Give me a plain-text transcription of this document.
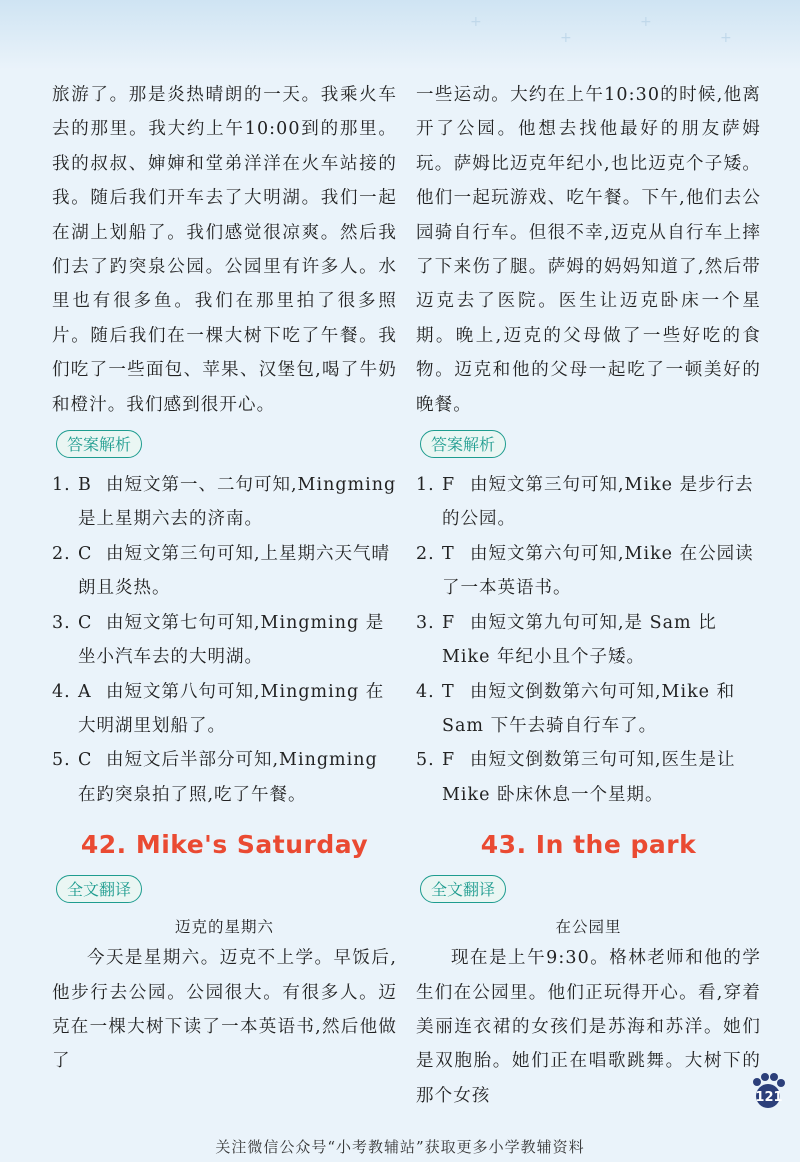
+
+
+
+

旅游了。那是炎热晴朗的一天。我乘火车去的那里。我大约上午10:00到的那里。我的叔叔、婶婶和堂弟洋洋在火车站接的我。随后我们开车去了大明湖。我们一起在湖上划船了。我们感觉很凉爽。然后我们去了趵突泉公园。公园里有许多人。水里也有很多鱼。我们在那里拍了很多照片。随后我们在一棵大树下吃了午餐。我们吃了一些面包、苹果、汉堡包,喝了牛奶和橙汁。我们感到很开心。

答案解析
1. B 由短文第一、二句可知,Mingming 是上星期六去的济南。
2. C 由短文第三句可知,上星期六天气晴朗且炎热。
3. C 由短文第七句可知,Mingming 是坐小汽车去的大明湖。
4. A 由短文第八句可知,Mingming 在大明湖里划船了。
5. C 由短文后半部分可知,Mingming 在趵突泉拍了照,吃了午餐。
42. Mike's Saturday
全文翻译
迈克的星期六

今天是星期六。迈克不上学。早饭后,他步行去公园。公园很大。有很多人。迈克在一棵大树下读了一本英语书,然后他做了

一些运动。大约在上午10:30的时候,他离开了公园。他想去找他最好的朋友萨姆玩。萨姆比迈克年纪小,也比迈克个子矮。他们一起玩游戏、吃午餐。下午,他们去公园骑自行车。但很不幸,迈克从自行车上摔了下来伤了腿。萨姆的妈妈知道了,然后带迈克去了医院。医生让迈克卧床一个星期。晚上,迈克的父母做了一些好吃的食物。迈克和他的父母一起吃了一顿美好的晚餐。

答案解析
1. F 由短文第三句可知,Mike 是步行去的公园。
2. T 由短文第六句可知,Mike 在公园读了一本英语书。
3. F 由短文第九句可知,是 Sam 比 Mike 年纪小且个子矮。
4. T 由短文倒数第六句可知,Mike 和 Sam 下午去骑自行车了。
5. F 由短文倒数第三句可知,医生是让 Mike 卧床休息一个星期。
43. In the park
全文翻译
在公园里

现在是上午9:30。格林老师和他的学生们在公园里。他们正玩得开心。看,穿着美丽连衣裙的女孩们是苏海和苏洋。她们是双胞胎。她们正在唱歌跳舞。大树下的那个女孩	121
关注微信公众号“小考教辅站”获取更多小学教辅资料
